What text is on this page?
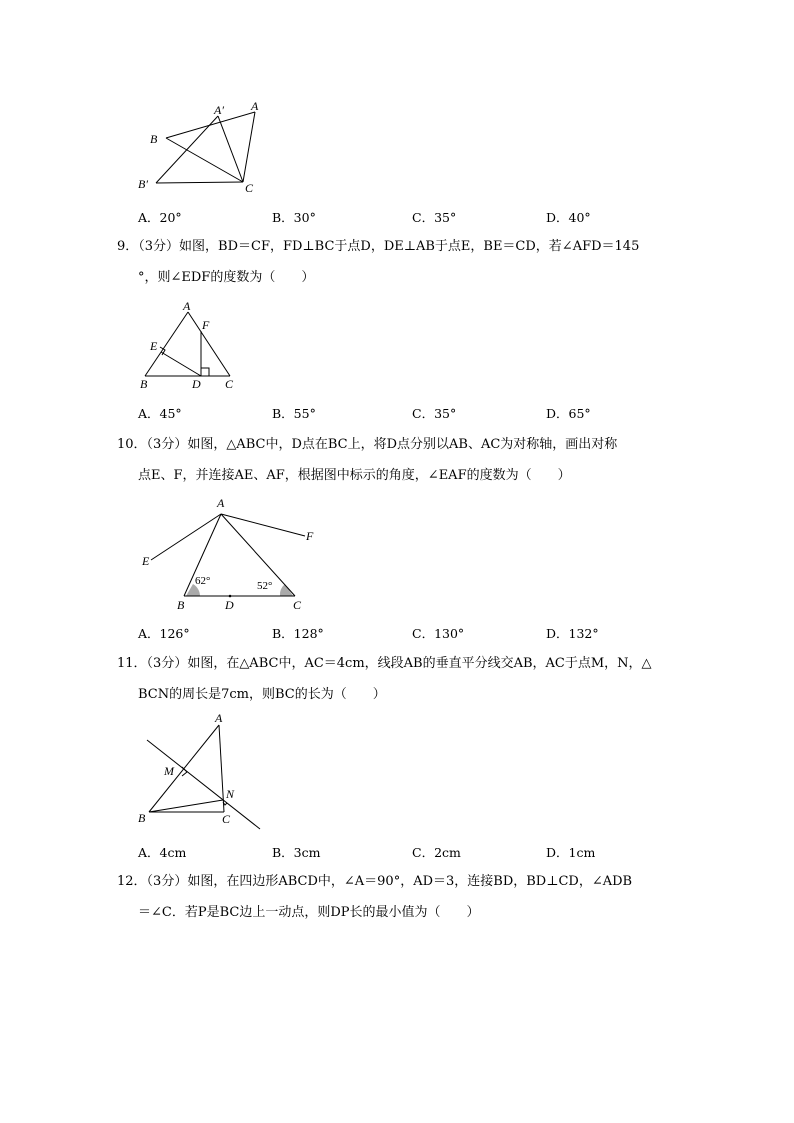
A
A′
B
B′	C
A．20°	B．30°	C．35°	D．40°
9．（3分）如图，BD＝CF，FD⊥BC于点D，DE⊥AB于点E，BE＝CD，若∠AFD＝145
°，则∠EDF的度数为（　　）
A
F
E
B	D C
A．45°	B．55°	C．35°	D．65°
10．（3分）如图，△ABC中，D点在BC上，将D点分别以AB、AC为对称轴，画出对称
点E、F，并连接AE、AF，根据图中标示的角度，∠EAF的度数为（　　）
A
E
F
B	D	C
62°	52°
A．126°	B．128°	C．130°	D．132°
11．（3分）如图，在△ABC中，AC＝4cm，线段AB的垂直平分线交AB，AC于点M，N，△
BCN的周长是7cm，则BC的长为（　　）
A
M
N
B	C
A．4cm	B．3cm	C．2cm	D．1cm
12．（3分）如图，在四边形ABCD中，∠A＝90°，AD＝3，连接BD，BD⊥CD，∠ADB
＝∠C．若P是BC边上一动点，则DP长的最小值为（　　）
